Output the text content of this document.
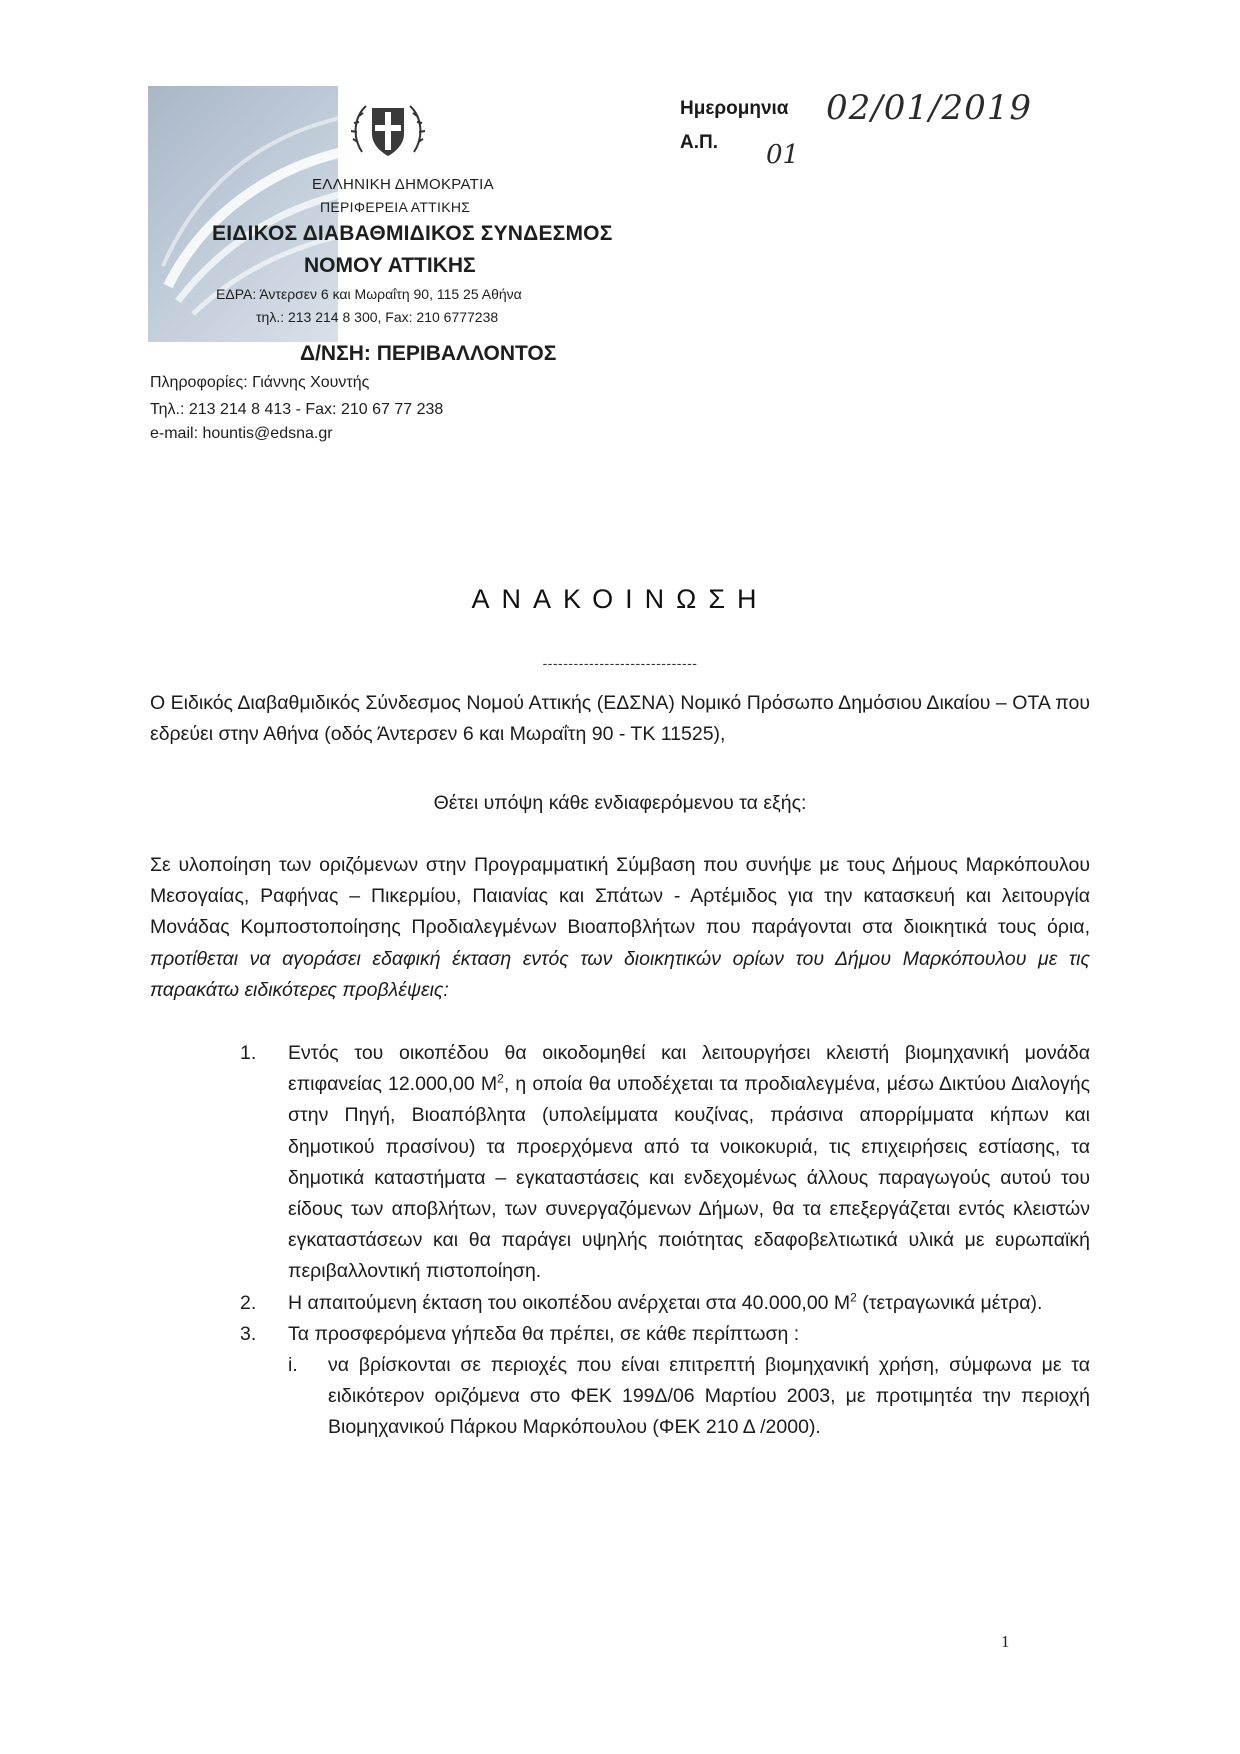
ΕΛΛΗΝΙΚΗ ΔΗΜΟΚΡΑΤΙΑ
ΠΕΡΙΦΕΡΕΙΑ ΑΤΤΙΚΗΣ
ΕΙΔΙΚΟΣ ΔΙΑΒΑΘΜΙΔΙΚΟΣ ΣΥΝΔΕΣΜΟΣ
ΝΟΜΟΥ ΑΤΤΙΚΗΣ
ΕΔΡΑ: Άντερσεν 6 και Μωραΐτη 90, 115 25 Αθήνα
τηλ.: 213 214 8 300, Fax: 210 6777238
Δ/ΝΣΗ: ΠΕΡΙΒΑΛΛΟΝΤΟΣ
Πληροφορίες: Γιάννης Χουντής
Τηλ.: 213 214 8 413 - Fax: 210 67 77 238
e-mail: hountis@edsna.gr
Ημερομηνια 02/01/2019
Α.Π. 01
ΑΝΑΚΟΙΝΩΣΗ
------------------------------
Ο Ειδικός Διαβαθμιδικός Σύνδεσμος Νομού Αττικής (ΕΔΣΝΑ) Νομικό Πρόσωπο Δημόσιου Δικαίου – ΟΤΑ που εδρεύει στην Αθήνα (οδός Άντερσεν 6 και Μωραΐτη 90 - ΤΚ 11525),
Θέτει υπόψη κάθε ενδιαφερόμενου τα εξής:
Σε υλοποίηση των οριζόμενων στην Προγραμματική Σύμβαση που συνήψε με τους Δήμους Μαρκόπουλου Μεσογαίας, Ραφήνας – Πικερμίου, Παιανίας και Σπάτων - Αρτέμιδος για την κατασκευή και λειτουργία Μονάδας Κομποστοποίησης Προδιαλεγμένων Βιοαποβλήτων που παράγονται στα διοικητικά τους όρια, προτίθεται να αγοράσει εδαφική έκταση εντός των διοικητικών ορίων του Δήμου Μαρκόπουλου με τις παρακάτω ειδικότερες προβλέψεις:
1. Εντός του οικοπέδου θα οικοδομηθεί και λειτουργήσει κλειστή βιομηχανική μονάδα επιφανείας 12.000,00 $M^2$, η οποία θα υποδέχεται τα προδιαλεγμένα, μέσω Δικτύου Διαλογής στην Πηγή, Βιοαπόβλητα (υπολείμματα κουζίνας, πράσινα απορρίμματα κήπων και δημοτικού πρασίνου) τα προερχόμενα από τα νοικοκυριά, τις επιχειρήσεις εστίασης, τα δημοτικά καταστήματα – εγκαταστάσεις και ενδεχομένως άλλους παραγωγούς αυτού του είδους των αποβλήτων, των συνεργαζόμενων Δήμων, θα τα επεξεργάζεται εντός κλειστών εγκαταστάσεων και θα παράγει υψηλής ποιότητας εδαφοβελτιωτικά υλικά με ευρωπαϊκή περιβαλλοντική πιστοποίηση.
2. Η απαιτούμενη έκταση του οικοπέδου ανέρχεται στα 40.000,00 $M^2$ (τετραγωνικά μέτρα).
3. Τα προσφερόμενα γήπεδα θα πρέπει, σε κάθε περίπτωση :
i. να βρίσκονται σε περιοχές που είναι επιτρεπτή βιομηχανική χρήση, σύμφωνα με τα ειδικότερον οριζόμενα στο ΦΕΚ 199Δ/06 Μαρτίου 2003, με προτιμητέα την περιοχή Βιομηχανικού Πάρκου Μαρκόπουλου (ΦΕΚ 210 Δ /2000).
1
